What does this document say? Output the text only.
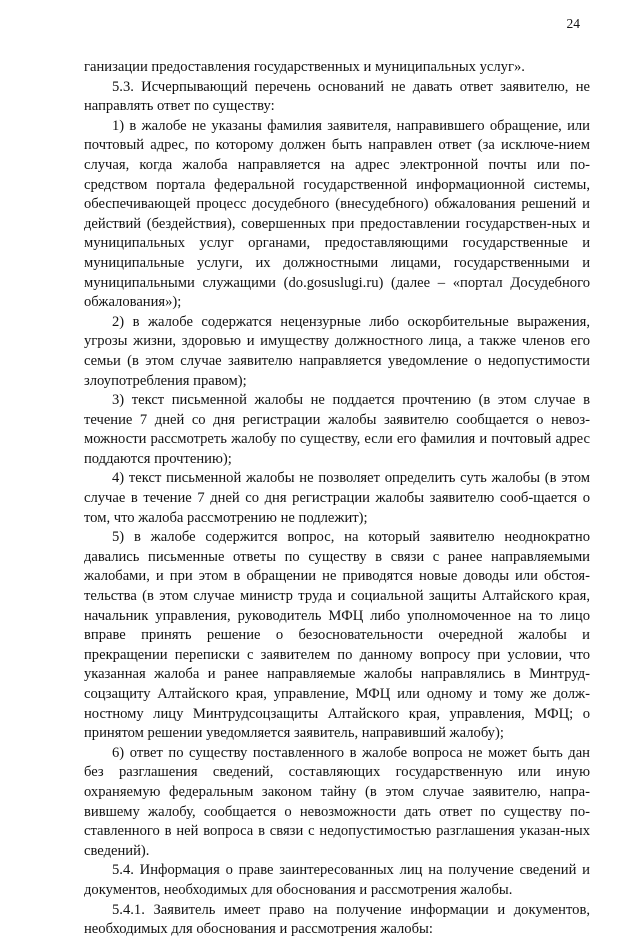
24

ганизации предоставления государственных и муниципальных услуг».

5.3. Исчерпывающий перечень оснований не давать ответ заявителю, не направлять ответ по существу:

1) в жалобе не указаны фамилия заявителя, направившего обращение, или почтовый адрес, по которому должен быть направлен ответ (за исключе-нием случая, когда жалоба направляется на адрес электронной почты или по-средством портала федеральной государственной информационной системы, обеспечивающей процесс досудебного (внесудебного) обжалования решений и действий (бездействия), совершенных при предоставлении государствен-ных и муниципальных услуг органами, предоставляющими государственные и муниципальные услуги, их должностными лицами, государственными и муниципальными служащими (do.gosuslugi.ru) (далее – «портал Досудебного обжалования»);

2) в жалобе содержатся нецензурные либо оскорбительные выражения, угрозы жизни, здоровью и имуществу должностного лица, а также членов его семьи (в этом случае заявителю направляется уведомление о недопустимости злоупотребления правом);

3) текст письменной жалобы не поддается прочтению (в этом случае в течение 7 дней со дня регистрации жалобы заявителю сообщается о невоз-можности рассмотреть жалобу по существу, если его фамилия и почтовый адрес поддаются прочтению);

4) текст письменной жалобы не позволяет определить суть жалобы (в этом случае в течение 7 дней со дня регистрации жалобы заявителю сооб-щается о том, что жалоба рассмотрению не подлежит);

5) в жалобе содержится вопрос, на который заявителю неоднократно давались письменные ответы по существу в связи с ранее направляемыми жалобами, и при этом в обращении не приводятся новые доводы или обстоя-тельства (в этом случае министр труда и социальной защиты Алтайского края, начальник управления, руководитель МФЦ либо уполномоченное на то лицо вправе принять решение о безосновательности очередной жалобы и прекращении переписки с заявителем по данному вопросу при условии, что указанная жалоба и ранее направляемые жалобы направлялись в Минтруд-соцзащиту Алтайского края, управление, МФЦ или одному и тому же долж-ностному лицу Минтрудсоцзащиты Алтайского края, управления, МФЦ; о принятом решении уведомляется заявитель, направивший жалобу);

6) ответ по существу поставленного в жалобе вопроса не может быть дан без разглашения сведений, составляющих государственную или иную охраняемую федеральным законом тайну (в этом случае заявителю, напра-вившему жалобу, сообщается о невозможности дать ответ по существу по-ставленного в ней вопроса в связи с недопустимостью разглашения указан-ных сведений).

5.4. Информация о праве заинтересованных лиц на получение сведений и документов, необходимых для обоснования и рассмотрения жалобы.

5.4.1. Заявитель имеет право на получение информации и документов, необходимых для обоснования и рассмотрения жалобы:
